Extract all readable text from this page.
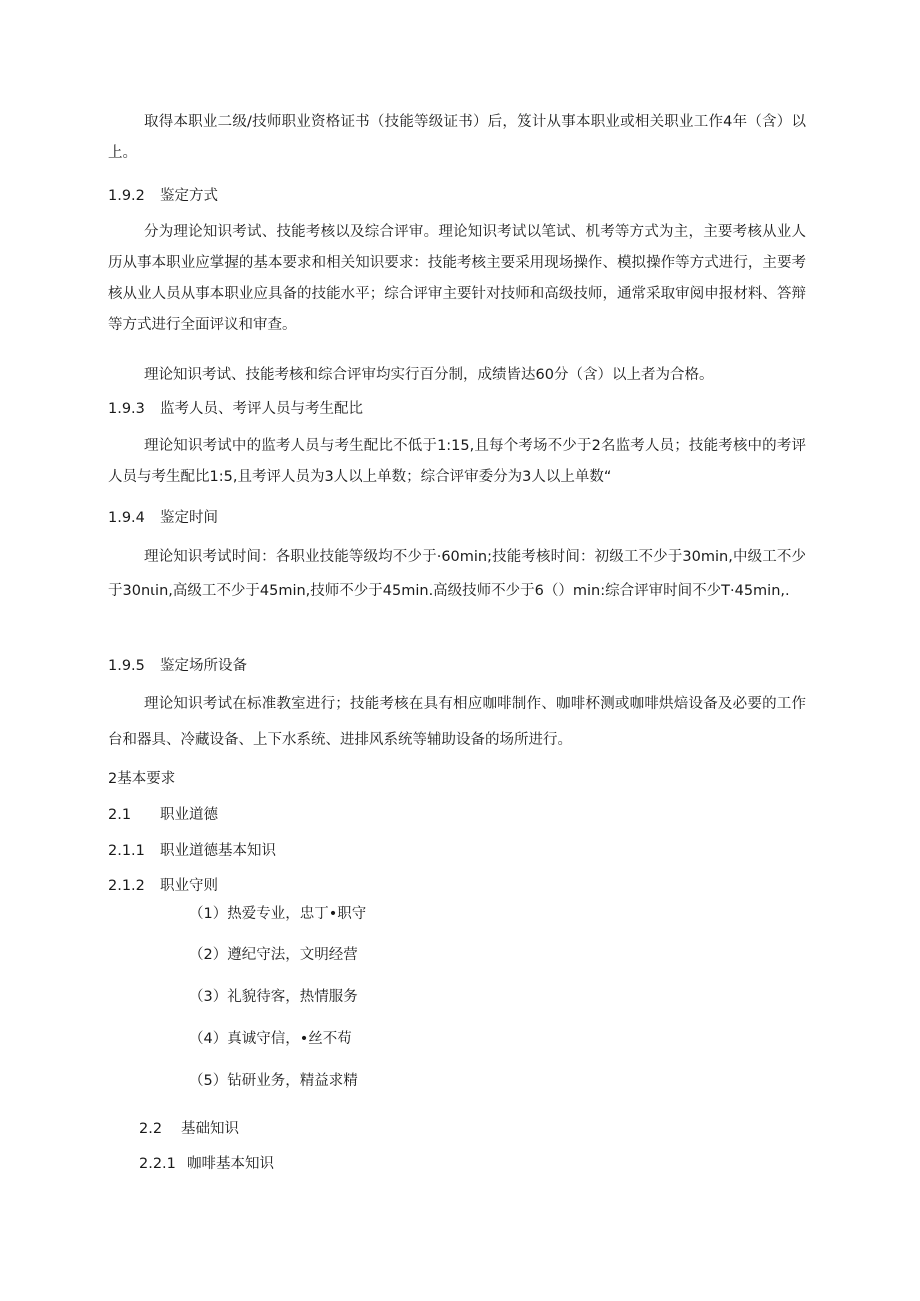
取得本职业二级/技师职业资格证书（技能等级证书）后，笈计从事本职业或相关职业工作4年（含）以上。

1.9.2 鉴定方式

分为理论知识考试、技能考核以及综合评审。理论知识考试以笔试、机考等方式为主，主要考核从业人历从事本职业应掌握的基本要求和相关知识要求：技能考核主要采用现场操作、模拟操作等方式进行，主要考核从业人员从事本职业应具备的技能水平；综合评审主要针对技师和高级技师，通常采取审阅申报材料、答辩等方式进行全面评议和审查。

理论知识考试、技能考核和综合评审均实行百分制，成绩皆达60分（含）以上者为合格。

1.9.3 监考人员、考评人员与考生配比

理论知识考试中的监考人员与考生配比不低于1:15,且每个考场不少于2名监考人员；技能考核中的考评人员与考生配比1:5,且考评人员为3人以上单数；综合评审委分为3人以上单数“

1.9.4 鉴定时间

理论知识考试时间：各职业技能等级均不少于·60min;技能考核时间：初级工不少于30min,中级工不少于30nιin,高级工不少于45min,技师不少于45min.高级技师不少于6（）min:综合评审时间不少T·45min,.

1.9.5 鉴定场所设备

理论知识考试在标准教室进行；技能考核在具有相应咖啡制作、咖啡杯测或咖啡烘焙设备及必要的工作台和器具、冷藏设备、上下水系统、进排风系统等辅助设备的场所进行。

2基本要求
2.1 职业道德
2.1.1 职业道德基本知识
2.1.2 职业守则
（1）热爱专业，忠丁•职守
（2）遵纪守法，文明经营
（3）礼貌待客，热情服务
（4）真诚守信，•丝不苟
（5）钻研业务，精益求精
2.2 基础知识
2.2.1 咖啡基本知识
